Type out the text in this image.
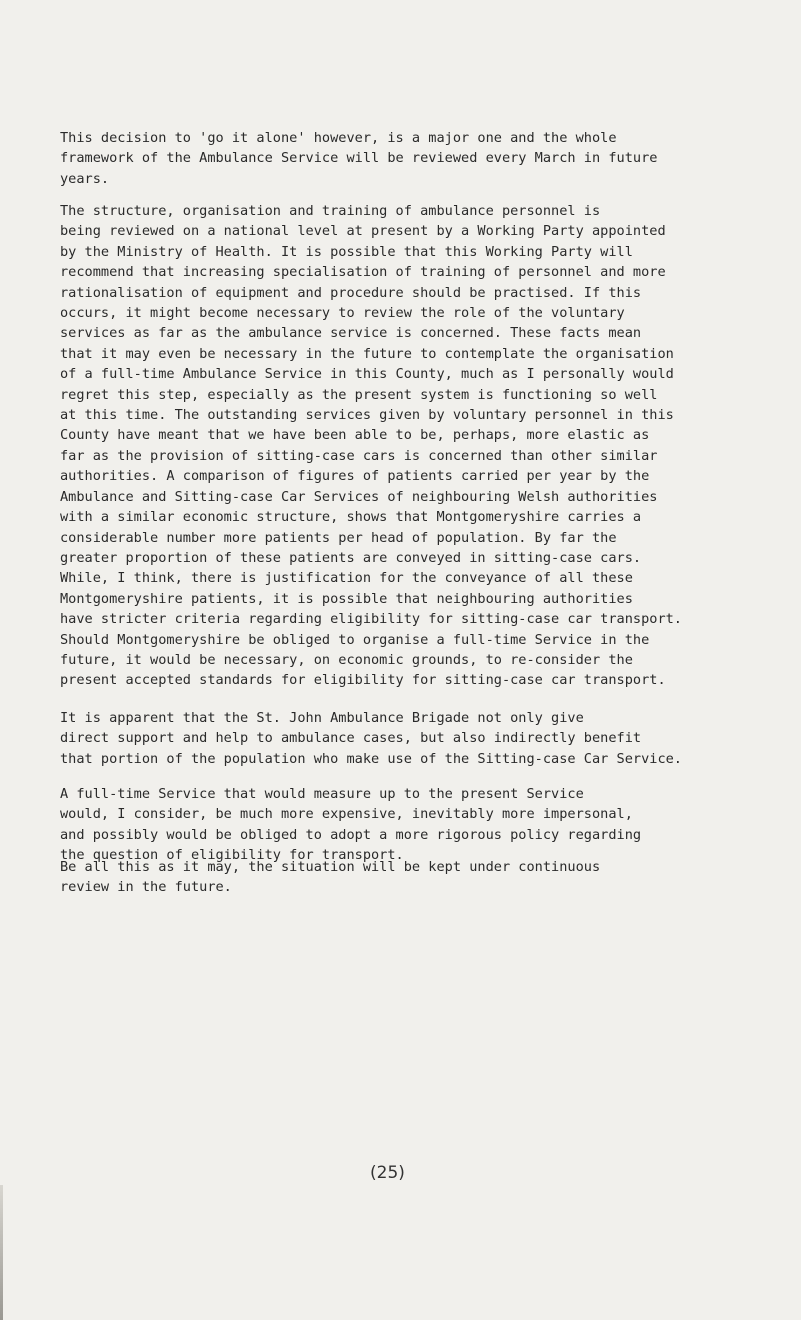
This decision to 'go it alone' however, is a major one and the whole
framework of the Ambulance Service will be reviewed every March in future
years.

The structure, organisation and training of ambulance personnel is
being reviewed on a national level at present by a Working Party appointed
by the Ministry of Health. It is possible that this Working Party will
recommend that increasing specialisation of training of personnel and more
rationalisation of equipment and procedure should be practised. If this
occurs, it might become necessary to review the role of the voluntary
services as far as the ambulance service is concerned. These facts mean
that it may even be necessary in the future to contemplate the organisation
of a full-time Ambulance Service in this County, much as I personally would
regret this step, especially as the present system is functioning so well
at this time. The outstanding services given by voluntary personnel in this
County have meant that we have been able to be, perhaps, more elastic as
far as the provision of sitting-case cars is concerned than other similar
authorities. A comparison of figures of patients carried per year by the
Ambulance and Sitting-case Car Services of neighbouring Welsh authorities
with a similar economic structure, shows that Montgomeryshire carries a
considerable number more patients per head of population. By far the
greater proportion of these patients are conveyed in sitting-case cars.
While, I think, there is justification for the conveyance of all these
Montgomeryshire patients, it is possible that neighbouring authorities
have stricter criteria regarding eligibility for sitting-case car transport.
Should Montgomeryshire be obliged to organise a full-time Service in the
future, it would be necessary, on economic grounds, to re-consider the
present accepted standards for eligibility for sitting-case car transport.

It is apparent that the St. John Ambulance Brigade not only give
direct support and help to ambulance cases, but also indirectly benefit
that portion of the population who make use of the Sitting-case Car Service.

A full-time Service that would measure up to the present Service
would, I consider, be much more expensive, inevitably more impersonal,
and possibly would be obliged to adopt a more rigorous policy regarding
the question of eligibility for transport.

Be all this as it may, the situation will be kept under continuous
review in the future.

(25)
